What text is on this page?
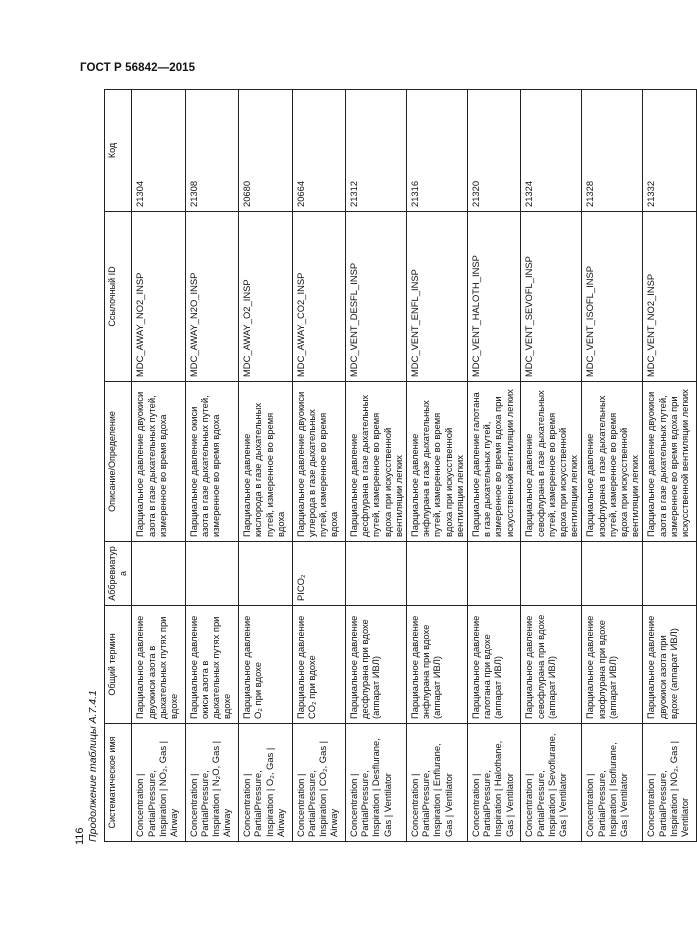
ГОСТ Р 56842—2015
116 Продолжение таблицы А.7.4.1 Систематическое имя	Общий термин	Аббревиатура	Описание/Определение	Ссылочный ID	Код
Concentration | PartialPressure, Inspiration | NO₂, Gas | Airway	Парциальное давление двуокиси азота в дыхательных путях при вдохе		Парциальное давление двуокиси азота в газе дыхательных путей, измеренное во время вдоха	MDC_AWAY_NO2_INSP	21304
Concentration | PartialPressure, Inspiration | N₂O, Gas | Airway	Парциальное давление окиси азота в дыхательных путях при вдохе		Парциальное давление окиси азота в газе дыхательных путей, измеренное во время вдоха	MDC_AWAY_N2O_INSP	21308
Concentration | PartialPressure, Inspiration | O₂, Gas | Airway	Парциальное давление O₂ при вдохе		Парциальное давление кислорода в газе дыхательных путей, измеренное во время вдоха	MDC_AWAY_O2_INSP	20680
Concentration | PartialPressure, Inspiration | CO₂, Gas | Airway	Парциальное давление CO₂ при вдохе	PICO₂	Парциальное давление двуокиси углерода в газе дыхательных путей, измеренное во время вдоха	MDC_AWAY_CO2_INSP	20664
Concentration | PartialPressure, Inspiration | Desflurane, Gas | Ventilator	Парциальное давление десфлурана при вдохе (аппарат ИВЛ)		Парциальное давление десфлурана в газе дыхательных путей, измеренное во время вдоха при искусственной вентиляции легких	MDC_VENT_DESFL_INSP	21312
Concentration | PartialPressure, Inspiration | Enflurane, Gas | Ventilator	Парциальное давление энфлурана при вдохе (аппарат ИВЛ)		Парциальное давление энфлурана в газе дыхательных путей, измеренное во время вдоха при искусственной вентиляции легких	MDC_VENT_ENFL_INSP	21316
Concentration | PartialPressure, Inspiration | Halothane, Gas | Ventilator	Парциальное давление галотана при вдохе (аппарат ИВЛ)		Парциальное давление галотана в газе дыхательных путей, измеренное во время вдоха при искусственной вентиляции легких	MDC_VENT_HALOTH_INSP	21320
Concentration | PartialPressure, Inspiration | Sevoflurane, Gas | Ventilator	Парциальное давление севофлурана при вдохе (аппарат ИВЛ)		Парциальное давление севофлурана в газе дыхательных путей, измеренное во время вдоха при искусственной вентиляции легких	MDC_VENT_SEVOFL_INSP	21324
Concentration | PartialPressure, Inspiration | Isoflurane, Gas | Ventilator	Парциальное давление изофлурана при вдохе (аппарат ИВЛ)		Парциальное давление изофлурана в газе дыхательных путей, измеренное во время вдоха при искусственной вентиляции легких	MDC_VENT_ISOFL_INSP	21328
Concentration | PartialPressure, Inspiration | NO₂, Gas | Ventilator	Парциальное давление двуокиси азота при вдохе (аппарат ИВЛ)		Парциальное давление двуокиси азота в газе дыхательных путей, измеренное во время вдоха при искусственной вентиляции легких	MDC_VENT_NO2_INSP	21332
